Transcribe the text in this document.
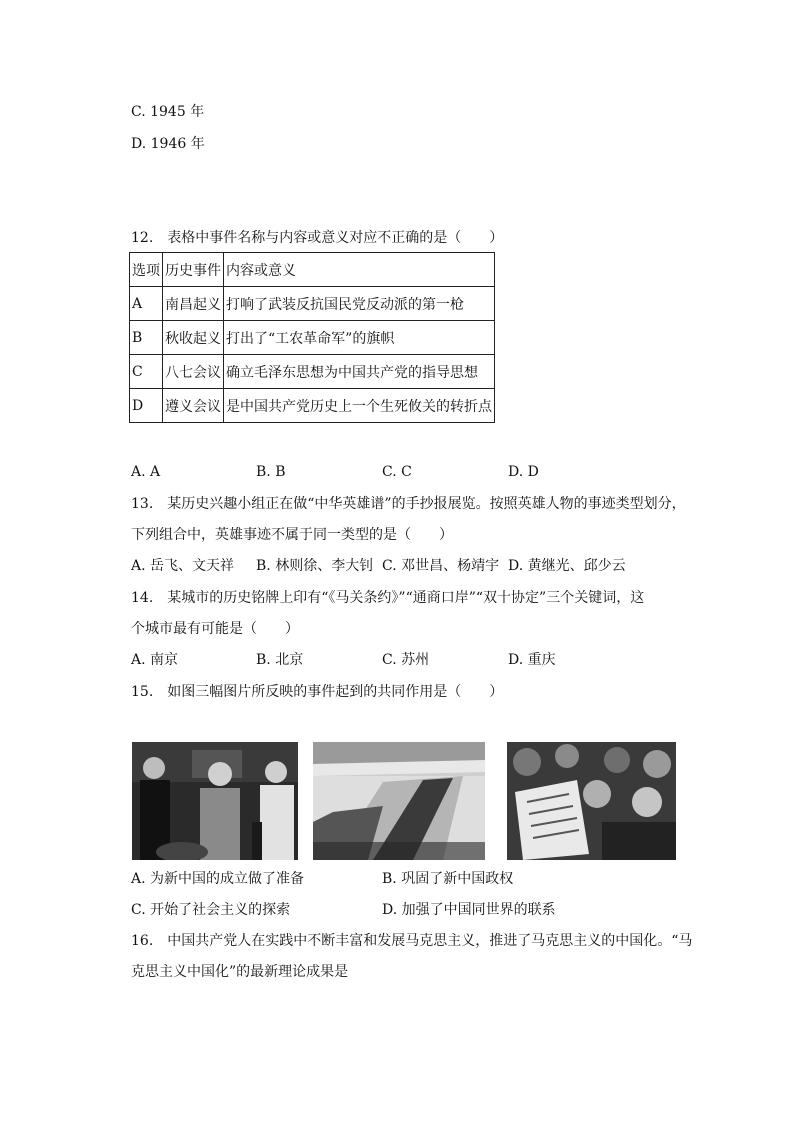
C. 1945 年
D. 1946 年
12.　表格中事件名称与内容或意义对应不正确的是（　　）
选项	历史事件	内容或意义
A	南昌起义	打响了武装反抗国民党反动派的第一枪
B	秋收起义	打出了“工农革命军”的旗帜
C	八七会议	确立毛泽东思想为中国共产党的指导思想
D	遵义会议	是中国共产党历史上一个生死攸关的转折点
A. A	B. B	C. C	D. D
13.　某历史兴趣小组正在做“中华英雄谱”的手抄报展览。按照英雄人物的事迹类型划分，
下列组合中，英雄事迹不属于同一类型的是（　　）
A. 岳飞、文天祥 B. 林则徐、李大钊 C. 邓世昌、杨靖宇 D. 黄继光、邱少云
14.　某城市的历史铭牌上印有“《马关条约》”“通商口岸”“双十协定”三个关键词，这
个城市最有可能是（　　）
A. 南京	B. 北京	C. 苏州	D. 重庆
15.　如图三幅图片所反映的事件起到的共同作用是（　　）
A. 为新中国的成立做了准备	B. 巩固了新中国政权
C. 开始了社会主义的探索	D. 加强了中国同世界的联系
16.　中国共产党人在实践中不断丰富和发展马克思主义，推进了马克思主义的中国化。“马
克思主义中国化”的最新理论成果是
